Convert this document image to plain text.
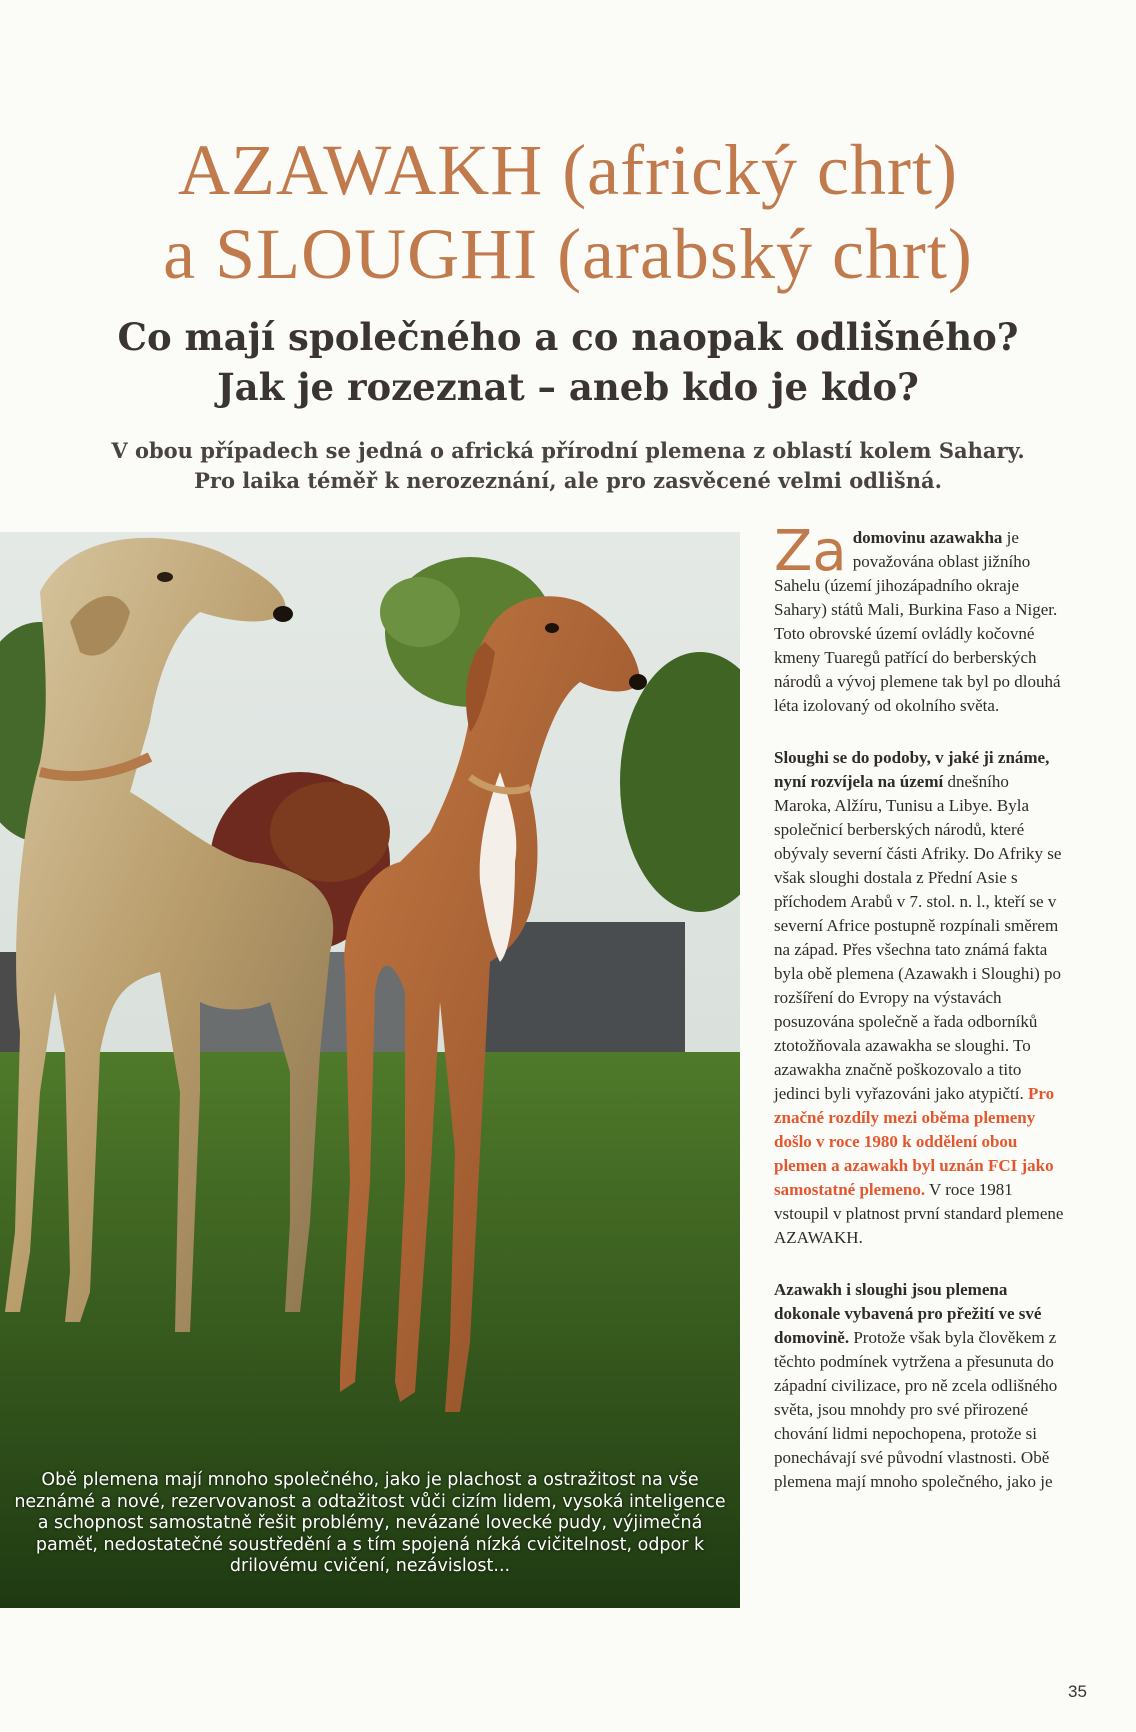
AZAWAKH (africký chrt)
a SLOUGHI (arabský chrt)
Co mají společného a co naopak odlišného?
Jak je rozeznat – aneb kdo je kdo?
V obou případech se jedná o africká přírodní plemena z oblastí kolem Sahary.
Pro laika téměř k nerozeznání, ale pro zasvěcené velmi odlišná.
Obě plemena mají mnoho společného, jako je plachost a ostražitost na vše neznámé a nové, rezervovanost a odtažitost vůči cizím lidem, vysoká inteligence a schopnost samostatně řešit problémy, nevázané lovecké pudy, výjimečná paměť, nedostatečné soustředění a s tím spojená nízká cvičitelnost, odpor k drilovému cvičení, nezávislost...

Za domovinu azawakha je považována oblast jižního Sahelu (území jihozápadního okraje Sahary) států Mali, Burkina Faso a Niger. Toto obrovské území ovládly kočovné kmeny Tuaregů patřící do berberských národů a vývoj plemene tak byl po dlouhá léta izolovaný od okolního světa.

Sloughi se do podoby, v jaké ji známe, nyní rozvíjela na území dnešního Maroka, Alžíru, Tunisu a Libye. Byla společnicí berberských národů, které obývaly severní části Afriky. Do Afriky se však sloughi dostala z Přední Asie s příchodem Arabů v 7. stol. n. l., kteří se v severní Africe postupně rozpínali směrem na západ. Přes všechna tato známá fakta byla obě plemena (Azawakh i Sloughi) po rozšíření do Evropy na výstavách posuzována společně a řada odborníků ztotožňovala azawakha se sloughi. To azawakha značně poškozovalo a tito jedinci byli vyřazováni jako atypičtí. Pro značné rozdíly mezi oběma plemeny došlo v roce 1980 k oddělení obou plemen a azawakh byl uznán FCI jako samostatné plemeno. V roce 1981 vstoupil v platnost první standard plemene AZAWAKH.

Azawakh i sloughi jsou plemena dokonale vybavená pro přežití ve své domovině. Protože však byla člověkem z těchto podmínek vytržena a přesunuta do západní civilizace, pro ně zcela odlišného světa, jsou mnohdy pro své přirozené chování lidmi nepochopena, protože si ponechávají své původní vlastnosti. Obě plemena mají mnoho společného, jako je

35
